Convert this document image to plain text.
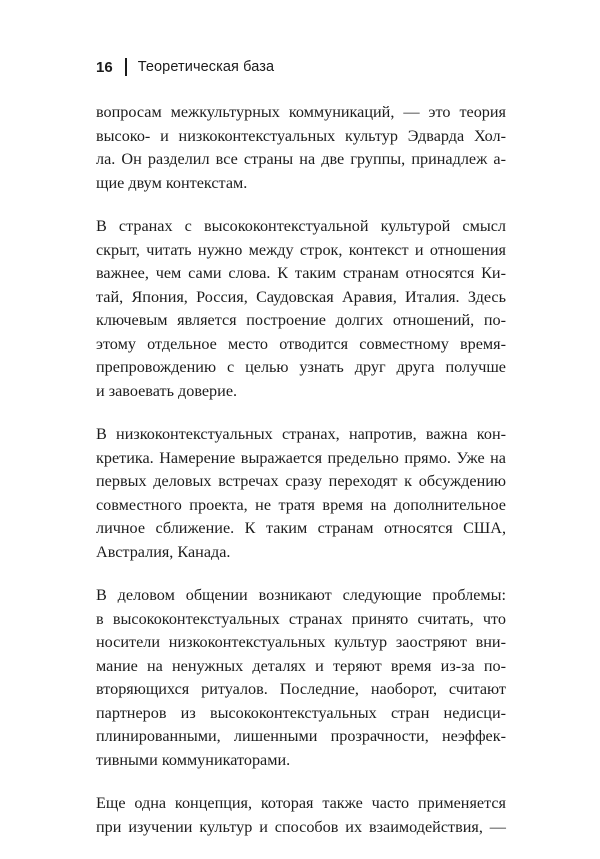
16 Теоретическая база
вопросам межкультурных коммуникаций, — это теория
высоко- и низкоконтекстуальных культур Эдварда Хол-
ла. Он разделил все страны на две группы, принадлеж а-
щие двум контекстам.
В странах с высококонтекстуальной культурой смысл
скрыт, читать нужно между строк, контекст и отношения
важнее, чем сами слова. К таким странам относятся Ки-
тай, Япония, Россия, Саудовская Аравия, Италия. Здесь
ключевым является построение долгих отношений, по-
этому отдельное место отводится совместному время-
препровождению с целью узнать друг друга получше
и завоевать доверие.
В низкоконтекстуальных странах, напротив, важна кон-
кретика. Намерение выражается предельно прямо. Уже на
первых деловых встречах сразу переходят к обсуждению
совместного проекта, не тратя время на дополнительное
личное сближение. К таким странам относятся США,
Австралия, Канада.
В деловом общении возникают следующие проблемы:
в высококонтекстуальных странах принято считать, что
носители низкоконтекстуальных культур заостряют вни-
мание на ненужных деталях и теряют время из-за по-
вторяющихся ритуалов. Последние, наоборот, считают
партнеров из высококонтекстуальных стран недисци-
плинированными, лишенными прозрачности, неэффек-
тивными коммуникаторами.
Еще одна концепция, которая также часто применяется
при изучении культур и способов их взаимодействия, —
